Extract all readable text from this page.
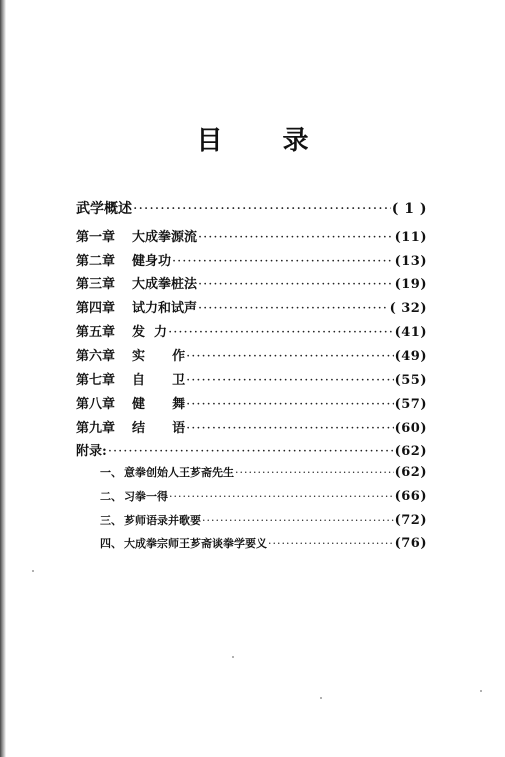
目 录
武学概述 ·····	( 1 )
第一章	大成拳源流 ·····	(11)
第二章	健身功 ·····	(13)
第三章	大成拳桩法 ·····	(19)
第四章	试力和试声 ·····	( 32)
第五章	发  力 ·····	(41)
第六章	实      作 ·····	(49)
第七章	自      卫 ·····	(55)
第八章	健      舞 ·····	(57)
第九章	结      语 ·····	(60)
附录: ·····	(62)
一、 意拳创始人王芗斋先生 ·····	(62)
二、 习拳一得 ·····	(66)
三、 芗师语录并歌要 ·····	(72)
四、 大成拳宗师王芗斋谈拳学要义 ·····	(76)
